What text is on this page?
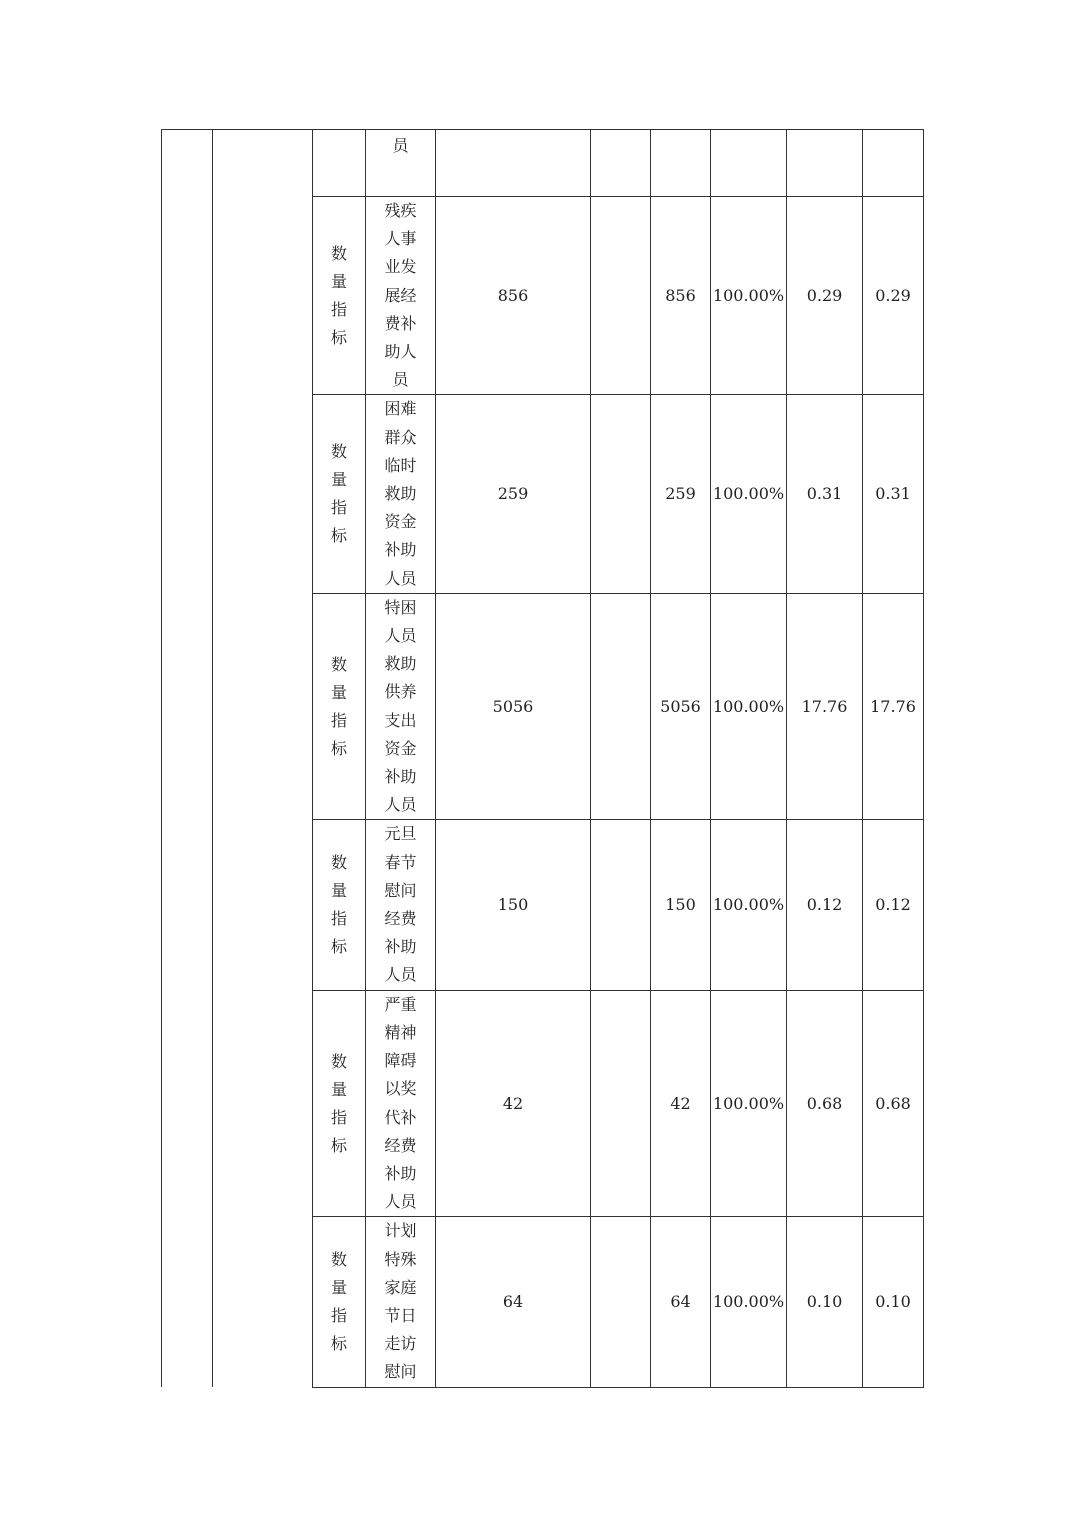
			员						

		数量指标	残疾人事业发展经费补助人员	856		856	100.00%	0.29	0.29

		数量指标	困难群众临时救助资金补助人员	259		259	100.00%	0.31	0.31

		数量指标	特困人员救助供养支出资金补助人员	5056		5056	100.00%	17.76	17.76

		数量指标	元旦春节慰问经费补助人员	150		150	100.00%	0.12	0.12

		数量指标	严重精神障碍以奖代补经费补助人员	42		42	100.00%	0.68	0.68

		数量指标	计划特殊家庭节日走访慰问	64		64	100.00%	0.10	0.10
